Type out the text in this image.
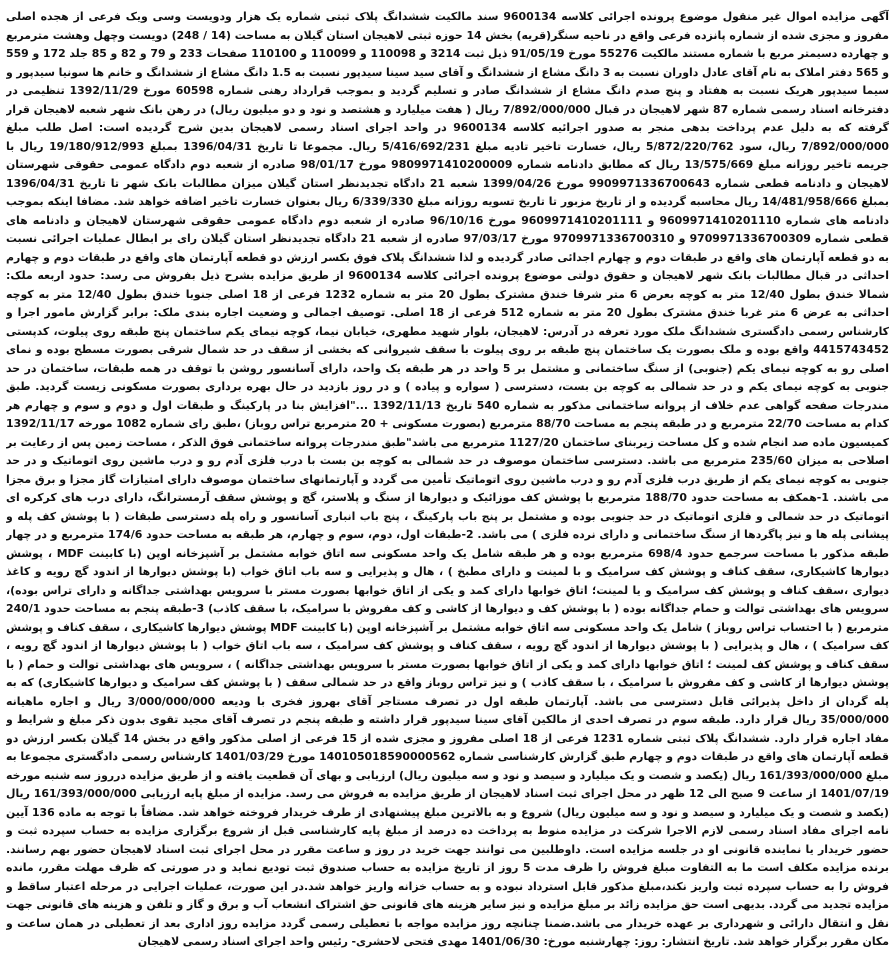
آگهی مزایده اموال غیر منقول موضوع پرونده اجرائی کلاسه 9600134 سند مالکیت ششدانگ پلاک ثبتی شماره یک هزار ودویست وسی ویک فرعی از هجده اصلی مفروز و مجزی شده از شماره پانزده فرعی واقع در ناحیه سنگر(قریه) بخش 14 حوزه ثبتی لاهیجان استان گیلان به مساحت (14 / 248) دویست وچهل وهشت مترمربع و چهارده دسیمتر مربع با شماره مستند مالکیت 55276 مورخ 91/05/19 ذیل ثبت 3214 و 110098 و 110099 و 110100 صفحات 233 و 79 و 82 و 85 جلد 172 و 559 و 565 دفتر املاک به نام آقای عادل داوران نسبت به 3 دانگ مشاع از ششدانگ و آقای سید سینا سیدپور نسبت به 1.5 دانگ مشاع از ششدانگ و خانم ها سونیا سیدپور و سیما سیدپور هریک نسبت به هفتاد و پنج صدم دانگ مشاع از ششدانگ صادر و تسلیم گردید و بموجب قرارداد رهنی شماره 60598 مورخ 1392/11/29 تنظیمی در دفترخانه اسناد رسمی شماره 87 شهر لاهیجان در قبال 7/892/000/000 ریال ( هفت میلیارد و هشتصد و نود و دو میلیون ریال) در رهن بانک شهر شعبه لاهیجان قرار گرفته که به دلیل عدم پرداخت بدهی منجر به صدور اجرائیه کلاسه 9600134 در واحد اجرای اسناد رسمی لاهیجان بدین شرح گردیده است: اصل طلب مبلغ 7/892/000/000 ریال، سود 5/872/220/762 ریال، خسارت تاخیر تادیه مبلغ 5/416/692/231 ریال. مجموعا تا تاریخ 1396/04/31 بمبلغ 19/180/912/993 ریال با جریمه تاخیر روزانه مبلغ 13/575/669 ریال که مطابق دادنامه شماره 9809971410200009 مورخ 98/01/17 صادره از شعبه دوم دادگاه عمومی حقوقی شهرستان لاهیجان و دادنامه قطعی شماره 9909971336700643 مورخ 1399/04/26 شعبه 21 دادگاه تجدیدنظر استان گیلان میزان مطالبات بانک شهر تا تاریخ 1396/04/31 بمبلغ 14/481/958/666 ریال محاسبه گردیده و از تاریخ مزبور تا تاریخ تسویه روزانه مبلغ 6/339/330 ریال بعنوان خسارت تاخیر اضافه خواهد شد. مضافا اینکه بموجب دادنامه های شماره 9609971410201110 و 9609971410201111 مورخ 96/10/16 صادره از شعبه دوم دادگاه عمومی حقوقی شهرستان لاهیجان و دادنامه های قطعی شماره 9709971336700309 و 9709971336700310 مورخ 97/03/17 صادره از شعبه 21 دادگاه تجدیدنظر استان گیلان رای بر ابطال عملیات اجرائی نسبت به دو قطعه آپارتمان های واقع در طبقات دوم و چهارم اجدائی صادر گردیده و لذا ششدانگ پلاک فوق بکسر ارزش دو قطعه آپارتمان های واقع در طبقات دوم و چهارم احداثی در قبال مطالبات بانک شهر لاهیجان و حقوق دولتی موضوع پرونده اجرائی کلاسه 9600134 از طریق مزایده بشرح ذیل بفروش می رسد: حدود اربعه ملک: شمالا خندق بطول 12/40 متر به کوچه بعرض 6 متر شرقا خندق مشترک بطول 20 متر به شماره 1232 فرعی از 18 اصلی جنوبا خندق بطول 12/40 متر به کوچه احداثی به عرض 6 متر غربا خندق مشترک بطول 20 متر به شماره 512 فرعی از 18 اصلی. توصیف اجمالی و وضعیت اجاره بندی ملک: برابر گزارش مامور اجرا و کارشناس رسمی دادگستری ششدانگ ملک مورد تعرفه در آدرس: لاهیجان، بلوار شهید مطهری، خیابان نیما، کوچه نیمای یکم ساختمان پنج طبقه روی پیلوت، کدپستی 4415743452 واقع بوده و ملک بصورت یک ساختمان پنج طبقه بر روی پیلوت با سقف شیروانی که بخشی از سقف در حد شمال شرقی بصورت مسطح بوده و نمای اصلی رو به کوچه نیمای یکم (جنوبی) از سنگ ساختمانی و مشتمل بر 5 واحد در هر طبقه یک واحد، دارای آسانسور روشن با توقف در همه طبقات، ساختمان در حد جنوبی به کوچه نیمای یکم و در حد شمالی به کوچه بن بست، دسترسی ( سواره و پیاده ) و در روز بازدید در حال بهره برداری بصورت مسکونی زیست گردید. طبق مندرجات صفحه گواهی عدم خلاف از پروانه ساختمانی مذکور به شماره 540 تاریخ 1392/11/13 ..."افزایش بنا در پارکینگ و طبقات اول و دوم و سوم و چهارم هر کدام به مساحت 22/70 مترمربع و در طبقه پنجم به مساحت 88/70 مترمربع (بصورت مسکونی + 20 مترمربع تراس روباز) ،طبق رای شماره 1082 مورخه 1392/11/17 کمیسیون ماده صد انجام شده و کل مساحت زیربنای ساختمان 1127/20 مترمربع می باشد"طبق مندرجات پروانه ساختمانی فوق الذکر ، مساحت زمین پس از رعایت بر اصلاحی به میزان 235/60 مترمربع می باشد. دسترسی ساختمان موصوف در حد شمالی به کوچه بن بست با درب فلزی آدم رو و درب ماشین روی اتوماتیک و در حد جنوبی به کوچه نیمای یکم از طریق درب فلزی آدم رو و درب ماشین روی اتوماتیک تأمین می گردد و آپارتمانهای ساختمان موصوف دارای امتیازات گاز مجزا و برق مجزا می باشند. 1-همکف به مساحت حدود 188/70 مترمربع با پوشش کف موزائیک و دیوارها از سنگ و پلاستر، گچ و پوشش سقف آرمسترانگ، دارای درب های کرکره ای اتوماتیک در حد شمالی و فلزی اتوماتیک در حد جنوبی بوده و مشتمل بر پنج باب پارکینگ ، پنج باب انباری آسانسور و راه پله دسترسی طبقات ( با پوشش کف پله و پیشانی پله ها و نیز پاگردها از سنگ ساختمانی و دارای نرده فلزی ) می باشد. 2-طبقات اول، دوم، سوم و چهارم، هر طبقه به مساحت حدود 174/6 مترمربع و در چهار طبقه مذکور با مساحت سرجمع حدود 698/4 مترمربع بوده و هر طبقه شامل یک واحد مسکونی سه اتاق خوابه مشتمل بر آشپزخانه اوپن (با کابینت MDF ، پوشش دیوارها کاشیکاری، سقف کناف و پوشش کف سرامیک و با لمینت و دارای مطبخ ) ، هال و پذیرایی و سه باب اتاق خواب (با پوشش دیوارها از اندود گچ رویه و کاغذ دیواری ،سقف کناف و پوشش کف سرامیک و یا لمینت؛ اتاق خوابها دارای کمد و یکی از اتاق خوابها بصورت مستر با سرویس بهداشتی جداگانه و دارای تراس بوده)، سرویس های بهداشتی توالت و حمام جداگانه بوده ( با پوشش کف و دیوارها از کاشی و کف مفروش با سرامیک، با سقف کاذب) 3-طبقه پنجم به مساحت حدود 240/1 مترمربع ( با احتساب تراس روباز ) شامل یک واحد مسکونی سه اتاق خوابه مشتمل بر آشپزخانه اوپن (با کابینت MDF پوشش دیوارها کاشیکاری ، سقف کناف و پوشش کف سرامیک ) ، هال و پذیرایی ( با پوشش دیوارها از اندود گچ رویه ، سقف کناف و پوشش کف سرامیک ، سه باب اتاق خواب ( با پوشش دیوارها از اندود گچ رویه ، سقف کناف و پوشش کف لمینت ؛ اتاق خوابها دارای کمد و یکی از اتاق خوابها بصورت مستر با سرویس بهداشتی جداگانه ) ، سرویس های بهداشتی توالت و حمام ( با پوشش دیوارها از کاشی و کف مفروش با سرامیک ، با سقف کاذب ) و نیز تراس روباز واقع در حد شمالی سقف ( با پوشش کف سرامیک و دیوارها کاشیکاری) که به پله گردان از داخل پذیرائی قابل دسترسی می باشد. آپارتمان طبقه اول در تصرف مستاجر آقای بهروز فخری با ودیعه 3/000/000/000 ریال و اجاره ماهیانه 35/000/000 ریال قرار دارد. طبقه سوم در تصرف احدی از مالکین آقای سینا سیدپور قرار داشته و طبقه پنجم در تصرف آقای مجید تقوی بدون ذکر مبلغ و شرایط و مفاد اجاره قرار دارد. ششدانگ پلاک ثبتی شماره 1231 فرعی از 18 اصلی مفروز و مجزی شده از 15 فرعی از اصلی مذکور واقع در بخش 14 گیلان بکسر ارزش دو قطعه آپارتمان های واقع در طبقات دوم و چهارم طبق گزارش کارشناسی شماره 140105018590000562 مورخ 1401/03/29 کارشناس رسمی دادگستری مجموعا به مبلغ 161/393/000/000 ریال (یکصد و شصت و یک میلیارد و سیصد و نود و سه میلیون ریال) ارزیابی و بهای آن قطعیت یافته و از طریق مزایده درروز سه شنبه مورخه 1401/07/19 از ساعت 9 صبح الی 12 ظهر در محل اجرای ثبت اسناد لاهیجان از طریق مزایده به فروش می رسد. مزایده از مبلغ پایه ارزیابی 161/393/000/000 ریال (یکصد و شصت و یک میلیارد و سیصد و نود و سه میلیون ریال) شروع و به بالاترین مبلغ پیشنهادی از طرف خریدار فروخته خواهد شد. مضافاً با توجه به ماده 136 آیین نامه اجرای مفاد اسناد رسمی لازم الاجرا شرکت در مزایده منوط به پرداخت ده درصد از مبلغ پایه کارشناسی قبل از شروع برگزاری مزایده به حساب سپرده ثبت و حضور خریدار یا نماینده قانونی او در جلسه مزایده است. داوطلبین می توانند جهت خرید در روز و ساعت مقرر در محل اجرای ثبت اسناد لاهیجان حضور بهم رسانند. برنده مزایده مکلف است ما به التفاوت مبلغ فروش را ظرف مدت 5 روز از تاریخ مزایده به حساب صندوق ثبت تودیع نماید و در صورتی که ظرف مهلت مقرر، مانده فروش را به حساب سپرده ثبت واریز نکند،مبلغ مذکور قابل استرداد نبوده و به حساب خزانه واریز خواهد شد.در این صورت، عملیات اجرایی در مرحله اعتبار ساقط و مزایده تجدید می گردد. بدیهی است حق مزایده زائد بر مبلغ مزایده و نیز سایر هزینه های قانونی حق اشتراک انشعاب آب و برق و گاز و تلفن و هزینه های قانونی جهت نقل و انتقال دارائی و شهرداری بر عهده خریدار می باشد.ضمنا چنانچه روز مزایده مواجه با تعطیلی رسمی گردد مزایده روز اداری بعد از تعطیلی در همان ساعت و مکان مقرر برگزار خواهد شد. تاریخ انتشار: روز: چهارشنبه مورخ: 1401/06/30 مهدی فتحی لاحشری- رئیس واحد اجرای اسناد رسمی لاهیجان
